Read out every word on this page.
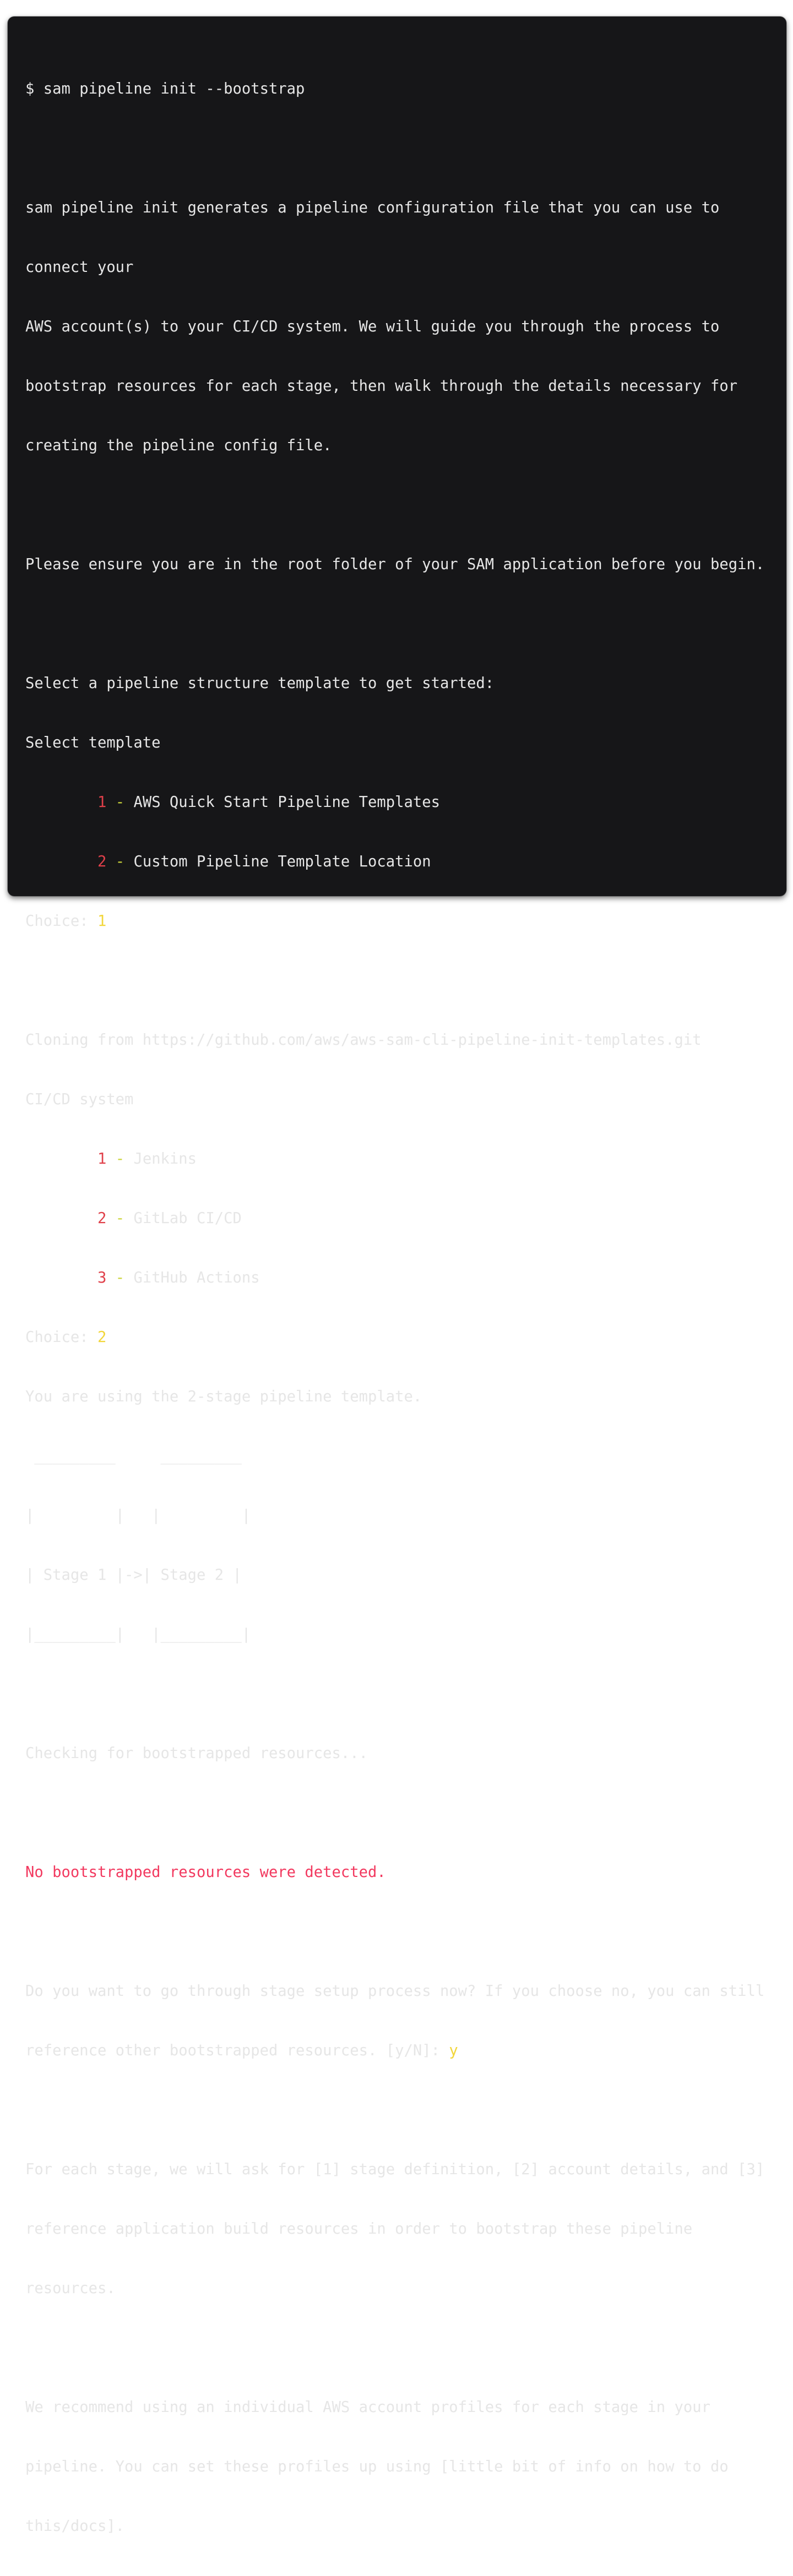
$ sam pipeline init --bootstrap

sam pipeline init generates a pipeline configuration file that you can use to

connect your

AWS account(s) to your CI/CD system. We will guide you through the process to

bootstrap resources for each stage, then walk through the details necessary for

creating the pipeline config file.

Please ensure you are in the root folder of your SAM application before you begin.

Select a pipeline structure template to get started:

Select template

1 - AWS Quick Start Pipeline Templates

2 - Custom Pipeline Template Location

Choice: 1

Cloning from https://github.com/aws/aws-sam-cli-pipeline-init-templates.git

CI/CD system

1 - Jenkins

2 - GitLab CI/CD

3 - GitHub Actions

Choice: 2

You are using the 2-stage pipeline template.

_________     _________

|         |   |         |

| Stage 1 |->| Stage 2 |

|_________|   |_________|

Checking for bootstrapped resources...

No bootstrapped resources were detected.

Do you want to go through stage setup process now? If you choose no, you can still

reference other bootstrapped resources. [y/N]: y

For each stage, we will ask for [1] stage definition, [2] account details, and [3]

reference application build resources in order to bootstrap these pipeline

resources.

We recommend using an individual AWS account profiles for each stage in your

pipeline. You can set these profiles up using [little bit of info on how to do

this/docs].
